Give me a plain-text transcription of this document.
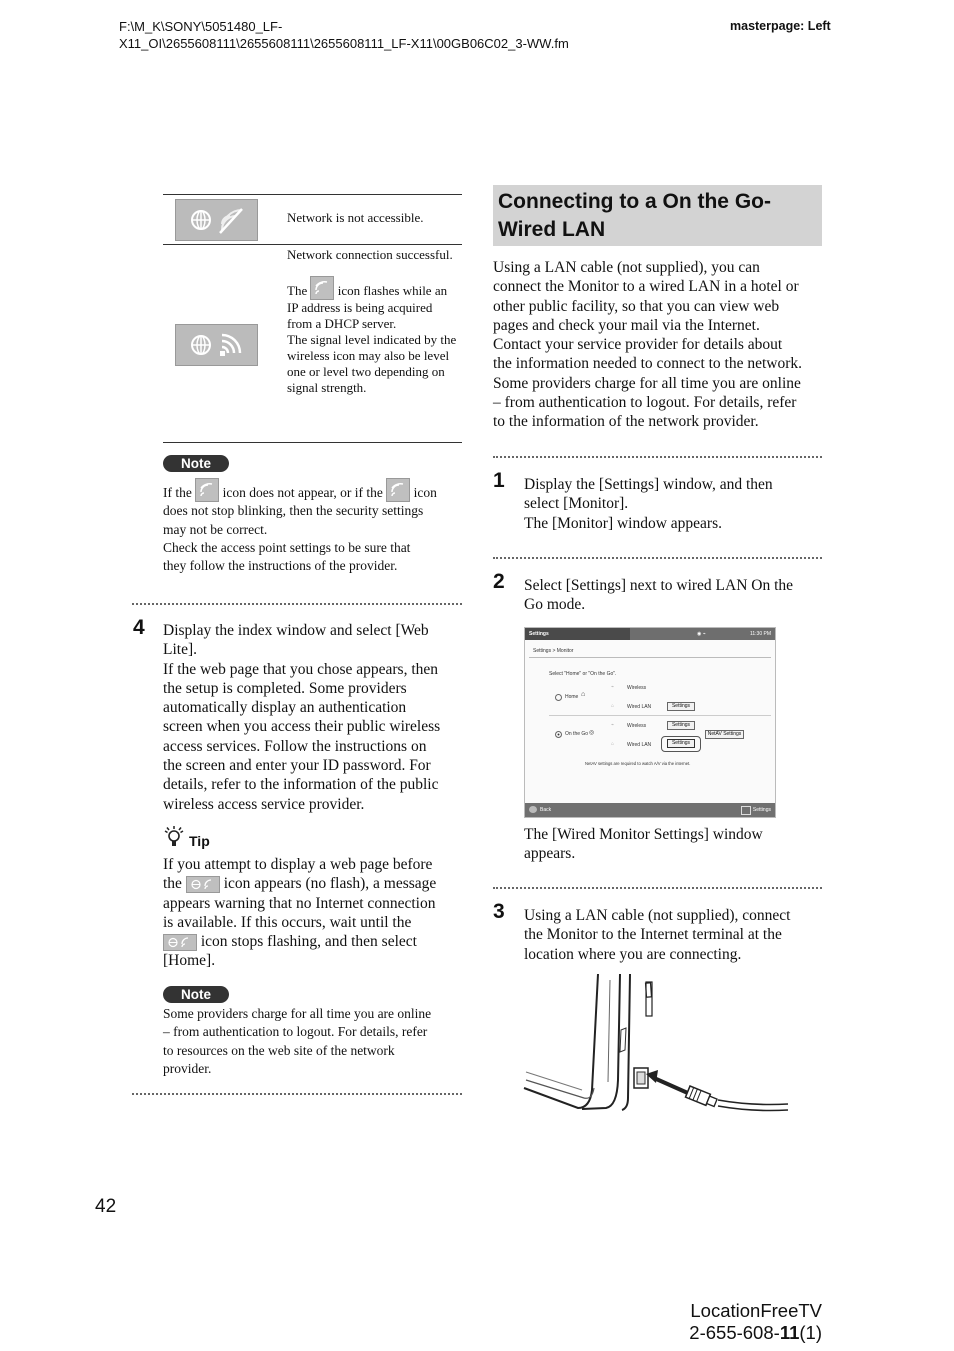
F:\M_K\SONY\5051480_LF-
X11_OI\2655608111\2655608111\2655608111_LF-X11\00GB06C02_3-WW.fm
masterpage: Left
Network is not accessible.
Network connection successful.
The icon flashes while an IP address is being acquired from a DHCP server.
The signal level indicated by the wireless icon may also be level one or level two depending on signal strength.
Note
If the icon does not appear, or if the icon
does not stop blinking, then the security settings
may not be correct.
Check the access point settings to be sure that
they follow the instructions of the provider.
4 Display the index window and select [Web
Lite].
If the web page that you chose appears, then
the setup is completed. Some providers
automatically display an authentication
screen when you access their public wireless
access services. Follow the instructions on
the screen and enter your ID password. For
details, refer to the information of the public
wireless access service provider.
Tip
If you attempt to display a web page before
the	icon appears (no flash), a message
appears warning that no Internet connection
is available. If this occurs, wait until the
icon stops flashing, and then select
[Home].
Note
Some providers charge for all time you are online
– from authentication to logout. For details, refer
to resources on the web site of the network
provider.
Connecting to a On the Go-
Wired LAN
Using a LAN cable (not supplied), you can
connect the Monitor to a wired LAN in a hotel or
other public facility, so that you can view web
pages and check your mail via the Internet.
Contact your service provider for details about
the information needed to connect to the network.
Some providers charge for all time you are online
– from authentication to logout. For details, refer
to the information of the network provider.
1 Display the [Settings] window, and then
select [Monitor].
The [Monitor] window appears.
2 Select [Settings] next to wired LAN On the
Go mode.
Settings	◉ ⌁	11:30 PM
Settings > Monitor
Select "Home" or "On the Go".
Home ⌂
⌁	Wireless
⌂	Wired LAN	Settings
On the Go ◎
⌁	Wireless	Settings
⌂	Wired LAN	Settings
NetAV Settings
NetAV settings are required to watch A/V via the internet.
Back	Settings
The [Wired Monitor Settings] window
appears.
3 Using a LAN cable (not supplied), connect
the Monitor to the Internet terminal at the
location where you are connecting.
42
LocationFreeTV
2-655-608-11(1)
